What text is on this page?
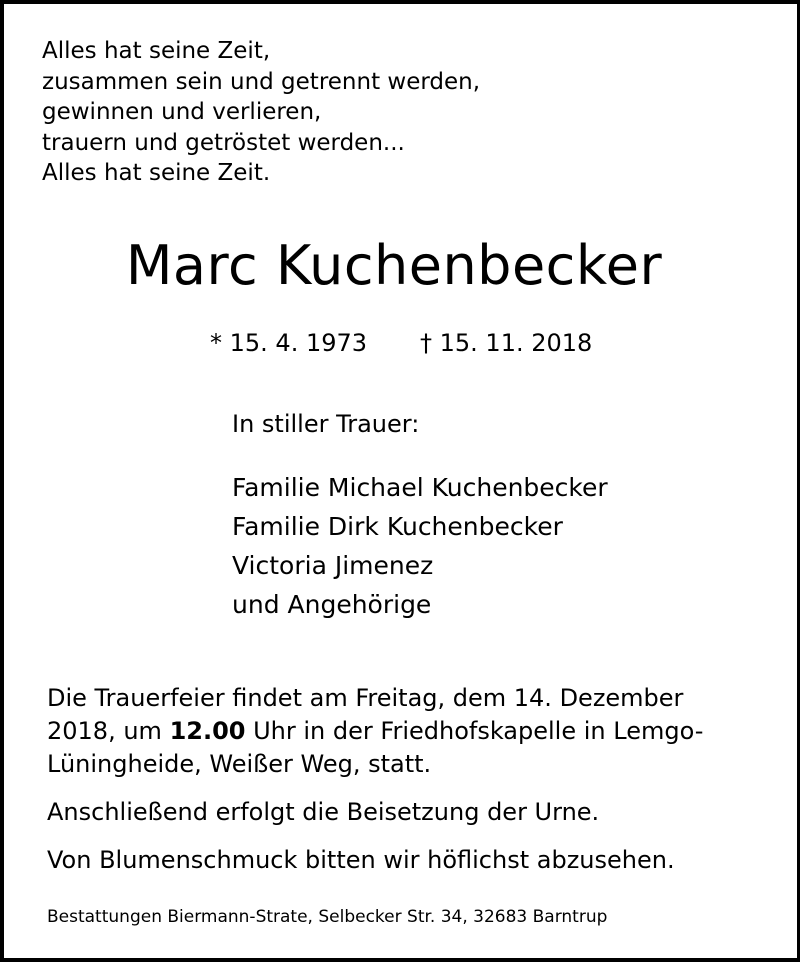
Alles hat seine Zeit,
zusammen sein und getrennt werden,
gewinnen und verlieren,
trauern und getröstet werden...
Alles hat seine Zeit.
Marc Kuchenbecker
* 15. 4. 1973 † 15. 11. 2018
In stiller Trauer:
Familie Michael Kuchenbecker
Familie Dirk Kuchenbecker
Victoria Jimenez
und Angehörige
Die Trauerfeier findet am Freitag, dem 14. Dezember
2018, um 12.00 Uhr in der Friedhofskapelle in Lemgo-
Lüningheide, Weißer Weg, statt.
Anschließend erfolgt die Beisetzung der Urne.
Von Blumenschmuck bitten wir höflichst abzusehen.
Bestattungen Biermann-Strate, Selbecker Str. 34, 32683 Barntrup
